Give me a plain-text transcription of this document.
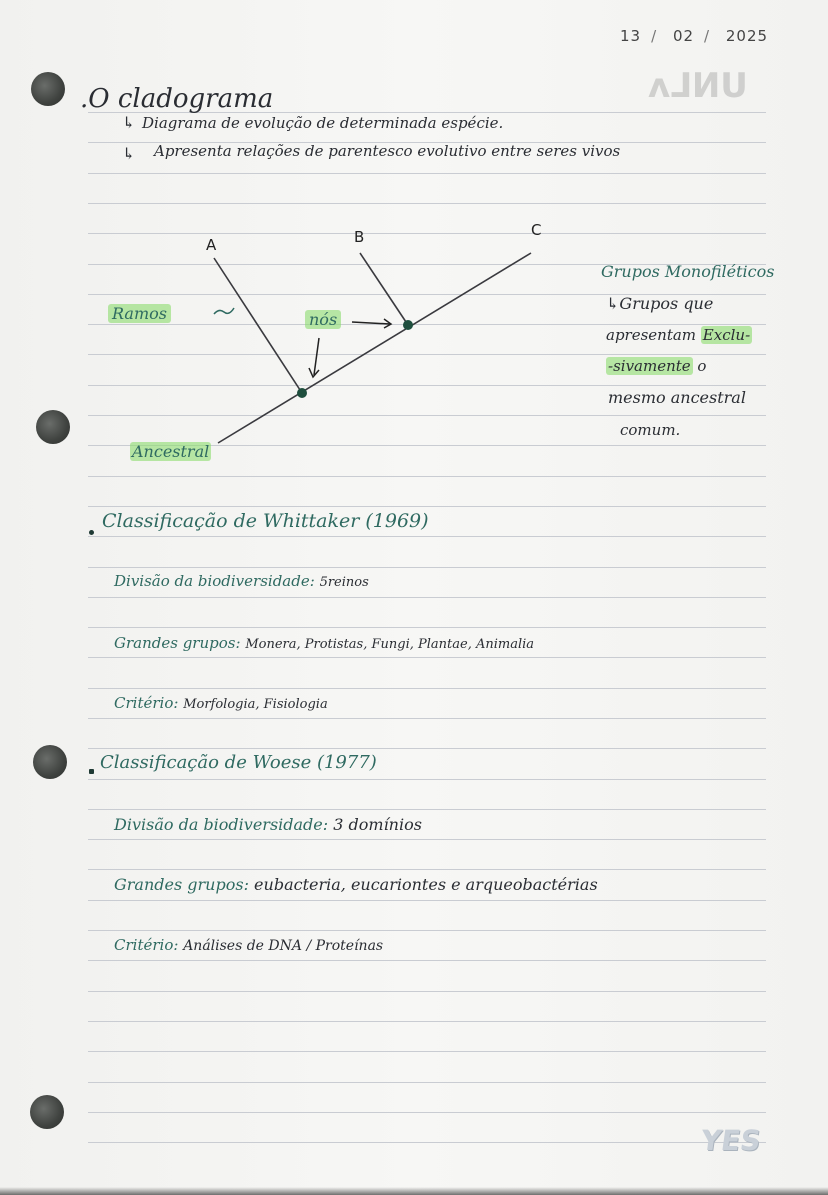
ᴧ⅃ИU
13 / 02 / 2025
.O cladograma
↳ Diagrama de evolução de determinada espécie.
↳ Apresenta relações de parentesco evolutivo entre seres vivos
A	B	C
Ramos	nós
Ancestral
Grupos Monofiléticos
↳Grupos que
apresentam Exclu-
-sivamente o
mesmo ancestral
comum.
Classificação de Whittaker (1969)
Divisão da biodiversidade: 5reinos
Grandes grupos: Monera, Protistas, Fungi, Plantae, Animalia
Critério: Morfologia, Fisiologia
Classificação de Woese (1977)
Divisão da biodiversidade: 3 domínios
Grandes grupos: eubacteria, eucariontes e arqueobactérias
Critério: Análises de DNA / Proteínas
YES
